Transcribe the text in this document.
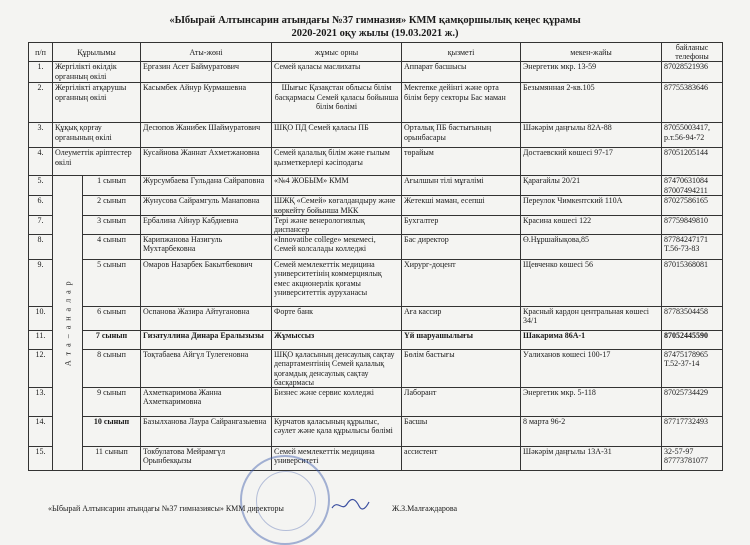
«Ыбырай Алтынсарин атындағы №37 гимназия» КММ қамқоршылық кеңес құрамы
2020-2021 оқу жылы (19.03.2021 ж.)
п/п	Құрылымы		Аты-жөні	жұмыс орны	қызметі	мекен-жайы	байланыс телефоны
1.	Жергілікті өкілдік органның өкілі		Ергазин Асет Баймуратович	Семей қаласы маслихаты	Аппарат басшысы	Энергетик мкр. 13-59	87028521936
2.	Жергілікті атқарушы органның өкілі		Касымбек Айнур Курмашевна	Шығыс Қазақстан облысы білім басқармасы Семей қаласы бойынша білім бөлімі	Мектепке дейінгі және орта білім беру секторы Бас маман	Безымянная 2-кв.105	87755383646
3.	Құқық қорғау органының өкілі		Десюпов Жанибек Шаймуратович	ШҚО ПД Семей қаласы ПБ	Орталық ПБ бастығының орынбасары	Шәкәрім даңғылы 82А-88	87055003417, р.т.56-94-72
4.	Олеуметтік әріптестер өкілі		Кусайнова Жаннат Ахметжановна	Семей қалалық білім және ғылым қызметкерлері кәсіподағы	төрайым	Достаевский көшесі 97-17	87051205144
5.	А т а – а н а л а р	1 сынып	Журсумбаева Гульдана Сайраповна	«№4 ЖОБЫМ» КММ	Ағылшын тілі мұғалімі	Қарағайлы 20/21	87470631084 87007494211
6.		2 сынып	Жунусова Сайрамгуль Манаповна	ШЖҚ «Семей» көгалдандыру және көркейту бойынша МКК	Жетекші маман, есепші	Переулок Чимкентский 110А	87027586165
7.		3 сынып	Ербалина Айнур Кабдиевна	Тері және венерологиялық диспансер	Бухгалтер	Красина көшесі 122	87759849810
8.		4 сынып	Карипжанова Назигуль Мухтарбековна	«Innovatibe college» мекемесі, Семей колсалады колледжі	Бас директор	Ө.Нұршайықова,85	87784247171 Т.56-73-83
9.		5 сынып	Омаров Назарбек Бакытбекович	Семей мемлекеттік медицина университетінің коммерциялық емес акционерлік қоғамы университеттік ауруханасы	Хирург-доцент	Щевченко көшесі 56	87015368081
10.		6 сынып	Оспанова Жазира Айтугановна	Форте банк	Аға кассир	Красный кардон центральная көшесі 34/1	87783504458
11.		7 сынып	Гизатуллина Динара Ералызызы	Жұмыссыз	Үй шаруашылығы	Шакарима 86А-1	87052445590
12.		8 сынып	Тоқтабаева Айгүл Тулегеновна	ШҚО қаласының денсаулық сақтау департаментінің Семей қалалық қоғамдық денсаулық сақтау басқармасы	Бөлім бастығы	Уалиханов көшесі 100-17	87475178965 Т.52-37-14
13.		9 сынып	Ахметкаримова Жанна Ахметкаримовна	Бизнес және сервис колледжі	Лаборант	Энергетик мкр. 5-118	87025734429
14.		10 сынып	Базылханова Лаура Сайрангазыевна	Курчатов қаласының құрылыс, сәулет және қала құрылысы бөлімі	Басшы	8 марта 96-2	87717732493
15.		11 сынып	Токбулатова Мейрамгүл Орынбекқызы	Семей мемлекеттік медицина университеті	ассистент	Шәкәрім даңғылы 13А-31	32-57-97 87773781077
«Ыбырай Алтынсарин атындағы №37 гимназиясы» КММ директоры	Ж.З.Малғаждарова
